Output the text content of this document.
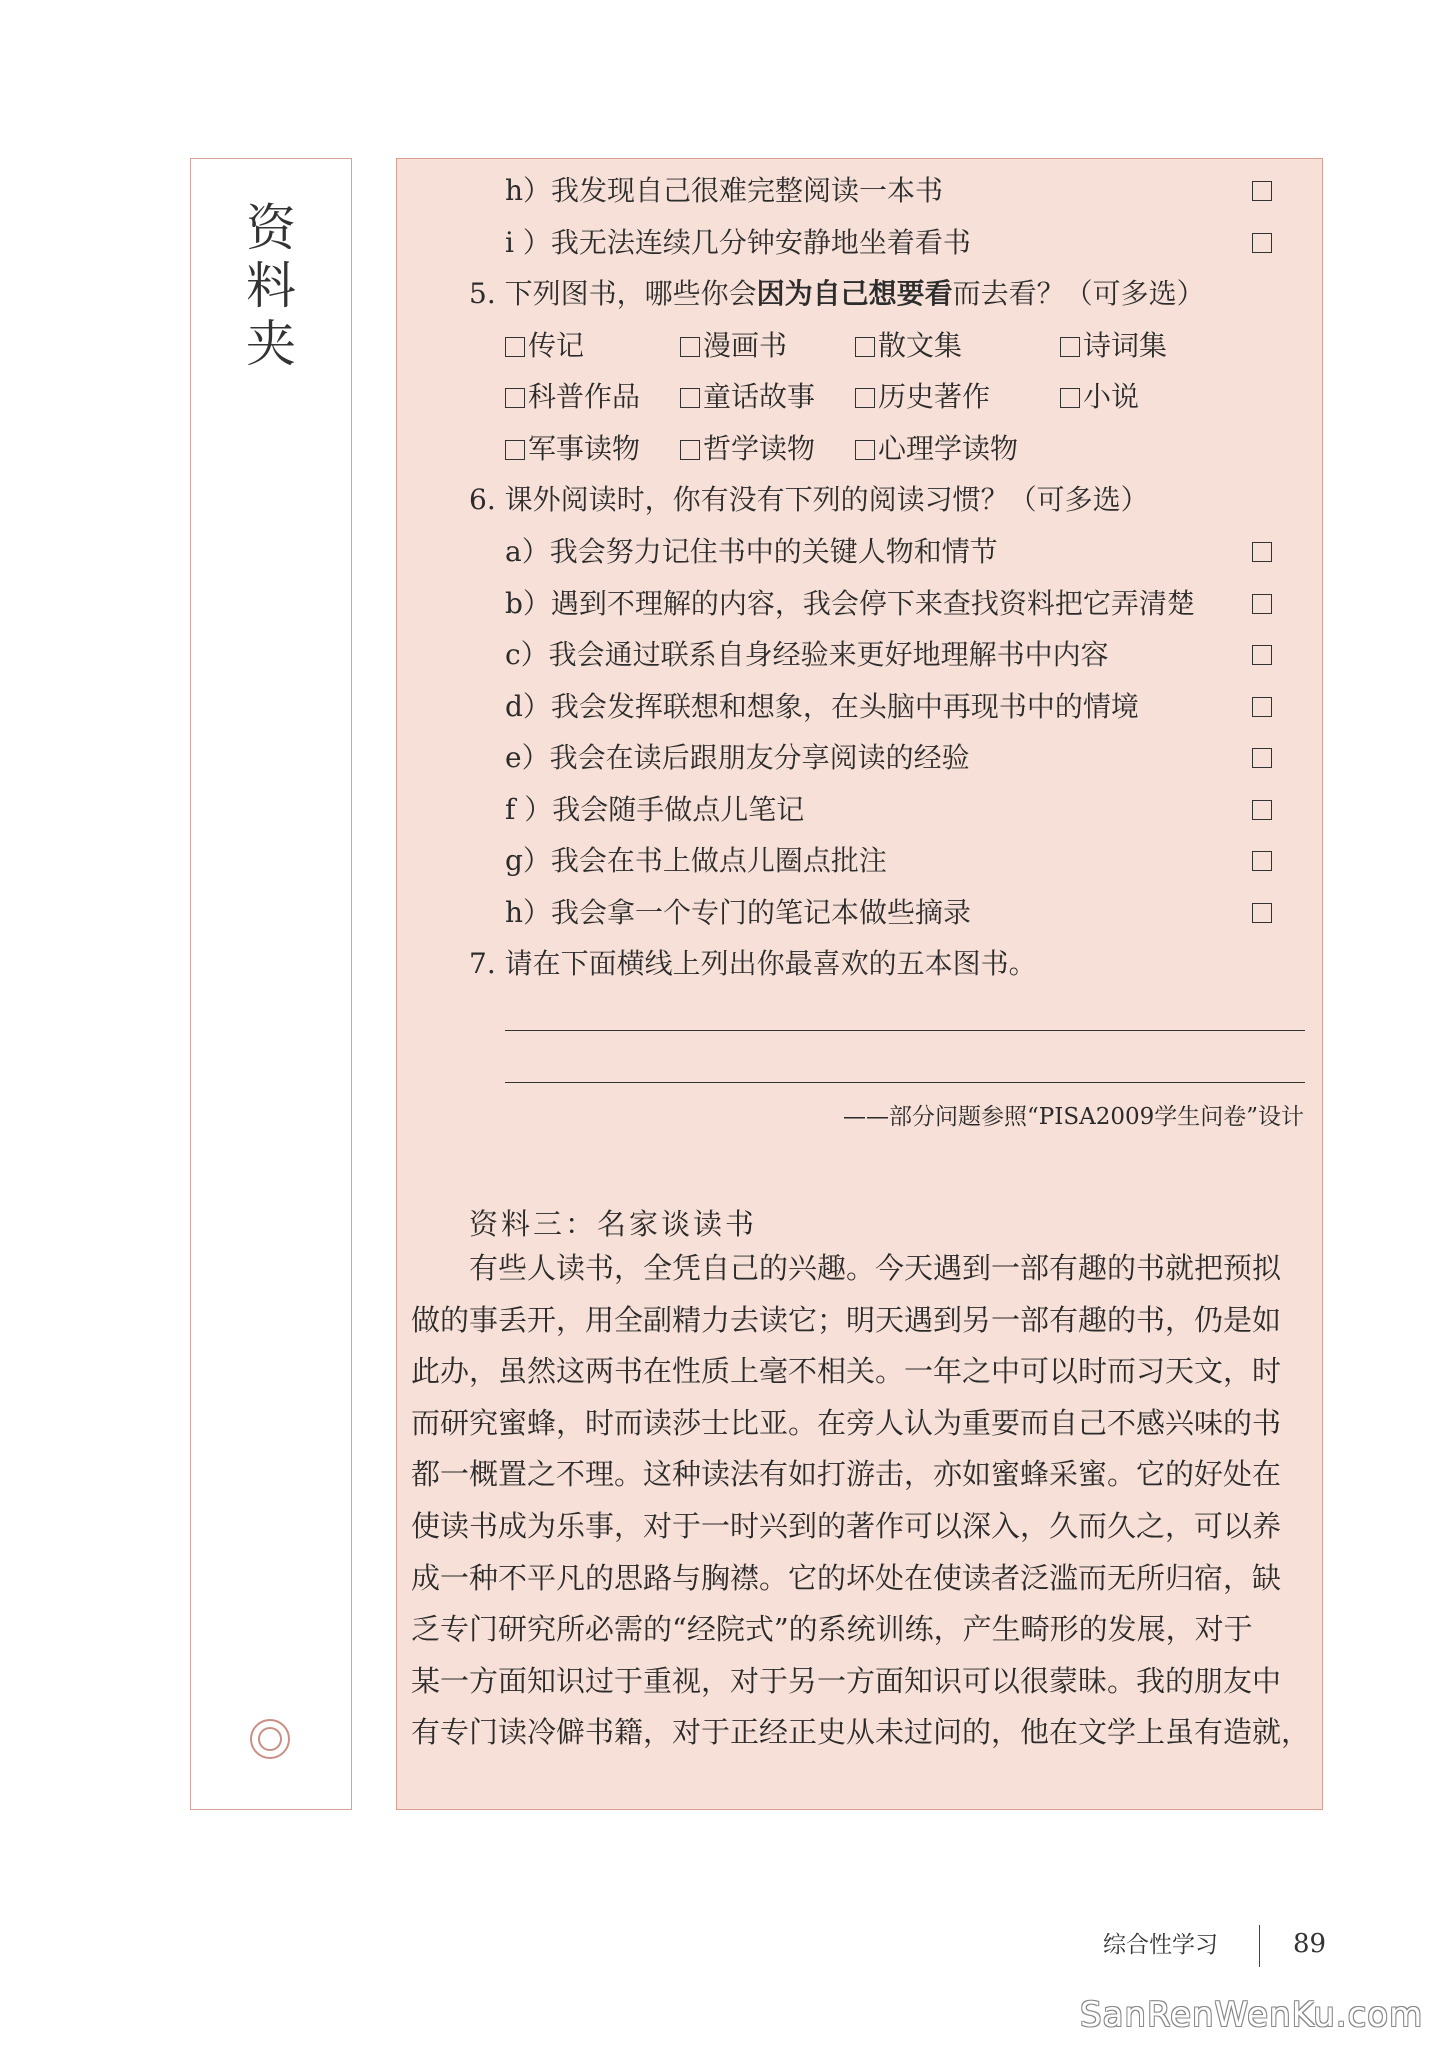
资
料
夹
h）我发现自己很难完整阅读一本书
i ）我无法连续几分钟安静地坐着看书
5. 下列图书，哪些你会因为自己想要看而去看？（可多选）
传记	漫画书	散文集	诗词集
科普作品	童话故事	历史著作	小说
军事读物	哲学读物	心理学读物
6. 课外阅读时，你有没有下列的阅读习惯？（可多选）
a）我会努力记住书中的关键人物和情节
b）遇到不理解的内容，我会停下来查找资料把它弄清楚
c）我会通过联系自身经验来更好地理解书中内容
d）我会发挥联想和想象，在头脑中再现书中的情境
e）我会在读后跟朋友分享阅读的经验
f ）我会随手做点儿笔记
g）我会在书上做点儿圈点批注
h）我会拿一个专门的笔记本做些摘录
7. 请在下面横线上列出你最喜欢的五本图书。
——部分问题参照“PISA2009学生问卷”设计
资料三：名家谈读书
有些人读书，全凭自己的兴趣。今天遇到一部有趣的书就把预拟
做的事丢开，用全副精力去读它；明天遇到另一部有趣的书，仍是如
此办，虽然这两书在性质上毫不相关。一年之中可以时而习天文，时
而研究蜜蜂，时而读莎士比亚。在旁人认为重要而自己不感兴味的书
都一概置之不理。这种读法有如打游击，亦如蜜蜂采蜜。它的好处在
使读书成为乐事，对于一时兴到的著作可以深入，久而久之，可以养
成一种不平凡的思路与胸襟。它的坏处在使读者泛滥而无所归宿，缺
乏专门研究所必需的“经院式”的系统训练，产生畸形的发展，对于
某一方面知识过于重视，对于另一方面知识可以很蒙昧。我的朋友中
有专门读冷僻书籍，对于正经正史从未过问的，他在文学上虽有造就，
综合性学习	89
SanRenWenKu.com
